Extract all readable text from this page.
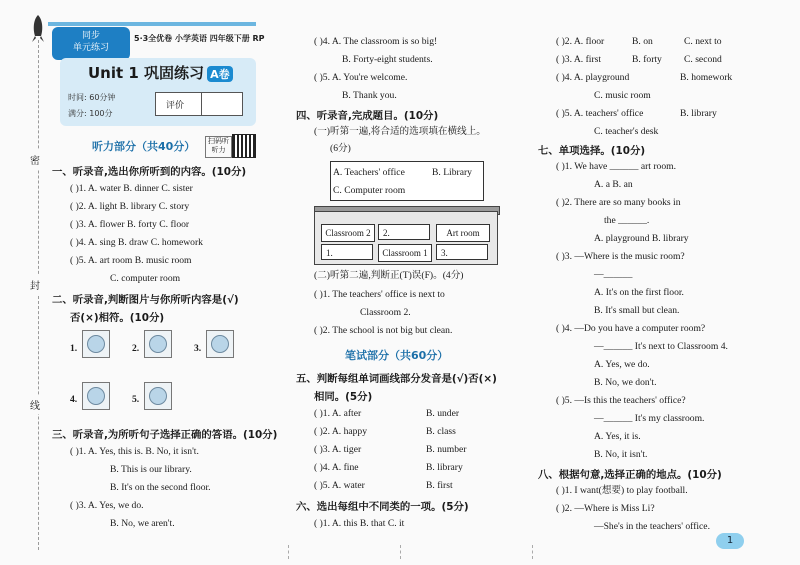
密
封
线
同步
单元练习
5·3全优卷 小学英语 四年级下册 RP
Unit 1 巩固练习 A卷
时间: 60分钟
满分: 100分
评价
听力部分（共40分）	扫码听听力
一、听录音,选出你所听到的内容。(10分)
( )1. A. water B. dinner C. sister
( )2. A. light B. library C. story
( )3. A. flower B. forty C. floor
( )4. A. sing B. draw C. homework
( )5. A. art room B. music room
C. computer room
二、听录音,判断图片与你所听内容是(√)
否(×)相符。(10分)
1.	2.	3.
4.	5.
三、听录音,为所听句子选择正确的答语。(10分)
( )1. A. Yes, this is. B. No, it isn't.
B. This is our library.
B. It's on the second floor.
( )3. A. Yes, we do.
B. No, we aren't.
( )4. A. The classroom is so big!
B. Forty-eight students.
( )5. A. You're welcome.
B. Thank you.
四、听录音,完成题目。(10分)
(一)听第一遍,将合适的选项填在横线上。
(6分)
A. Teachers' office	B. Library
C. Computer room
Classroom 2
Classroom 1	3.
Art room
1.
2.
(二)听第二遍,判断正(T)误(F)。(4分)
( )1. The teachers' office is next to
Classroom 2.
( )2. The school is not big but clean.
笔试部分（共60分）
五、判断每组单词画线部分发音是(√)否(×)
相同。(5分)
( )1. A. after	B. under
( )2. A. happy	B. class
( )3. A. tiger	B. number
( )4. A. fine	B. library
( )5. A. water	B. first
六、选出每组中不同类的一项。(5分)
( )1. A. this B. that C. it
( )2. A. floor	B. on	C. next to
( )3. A. first	B. forty C. second
( )4. A. playground	B. homework
C. music room
( )5. A. teachers' office	B. library
C. teacher's desk
七、单项选择。(10分)
( )1. We have ______ art room.
A. a B. an
( )2. There are so many books in
the ______.
A. playground B. library
( )3. —Where is the music room?
—______
A. It's on the first floor.
B. It's small but clean.
( )4. —Do you have a computer room?
—______ It's next to Classroom 4.
A. Yes, we do.
B. No, we don't.
( )5. —Is this the teachers' office?
—______ It's my classroom.
A. Yes, it is.
B. No, it isn't.
八、根据句意,选择正确的地点。(10分)
( )1. I want(想要) to play football.
( )2. —Where is Miss Li?
—She's in the teachers' office.
1
